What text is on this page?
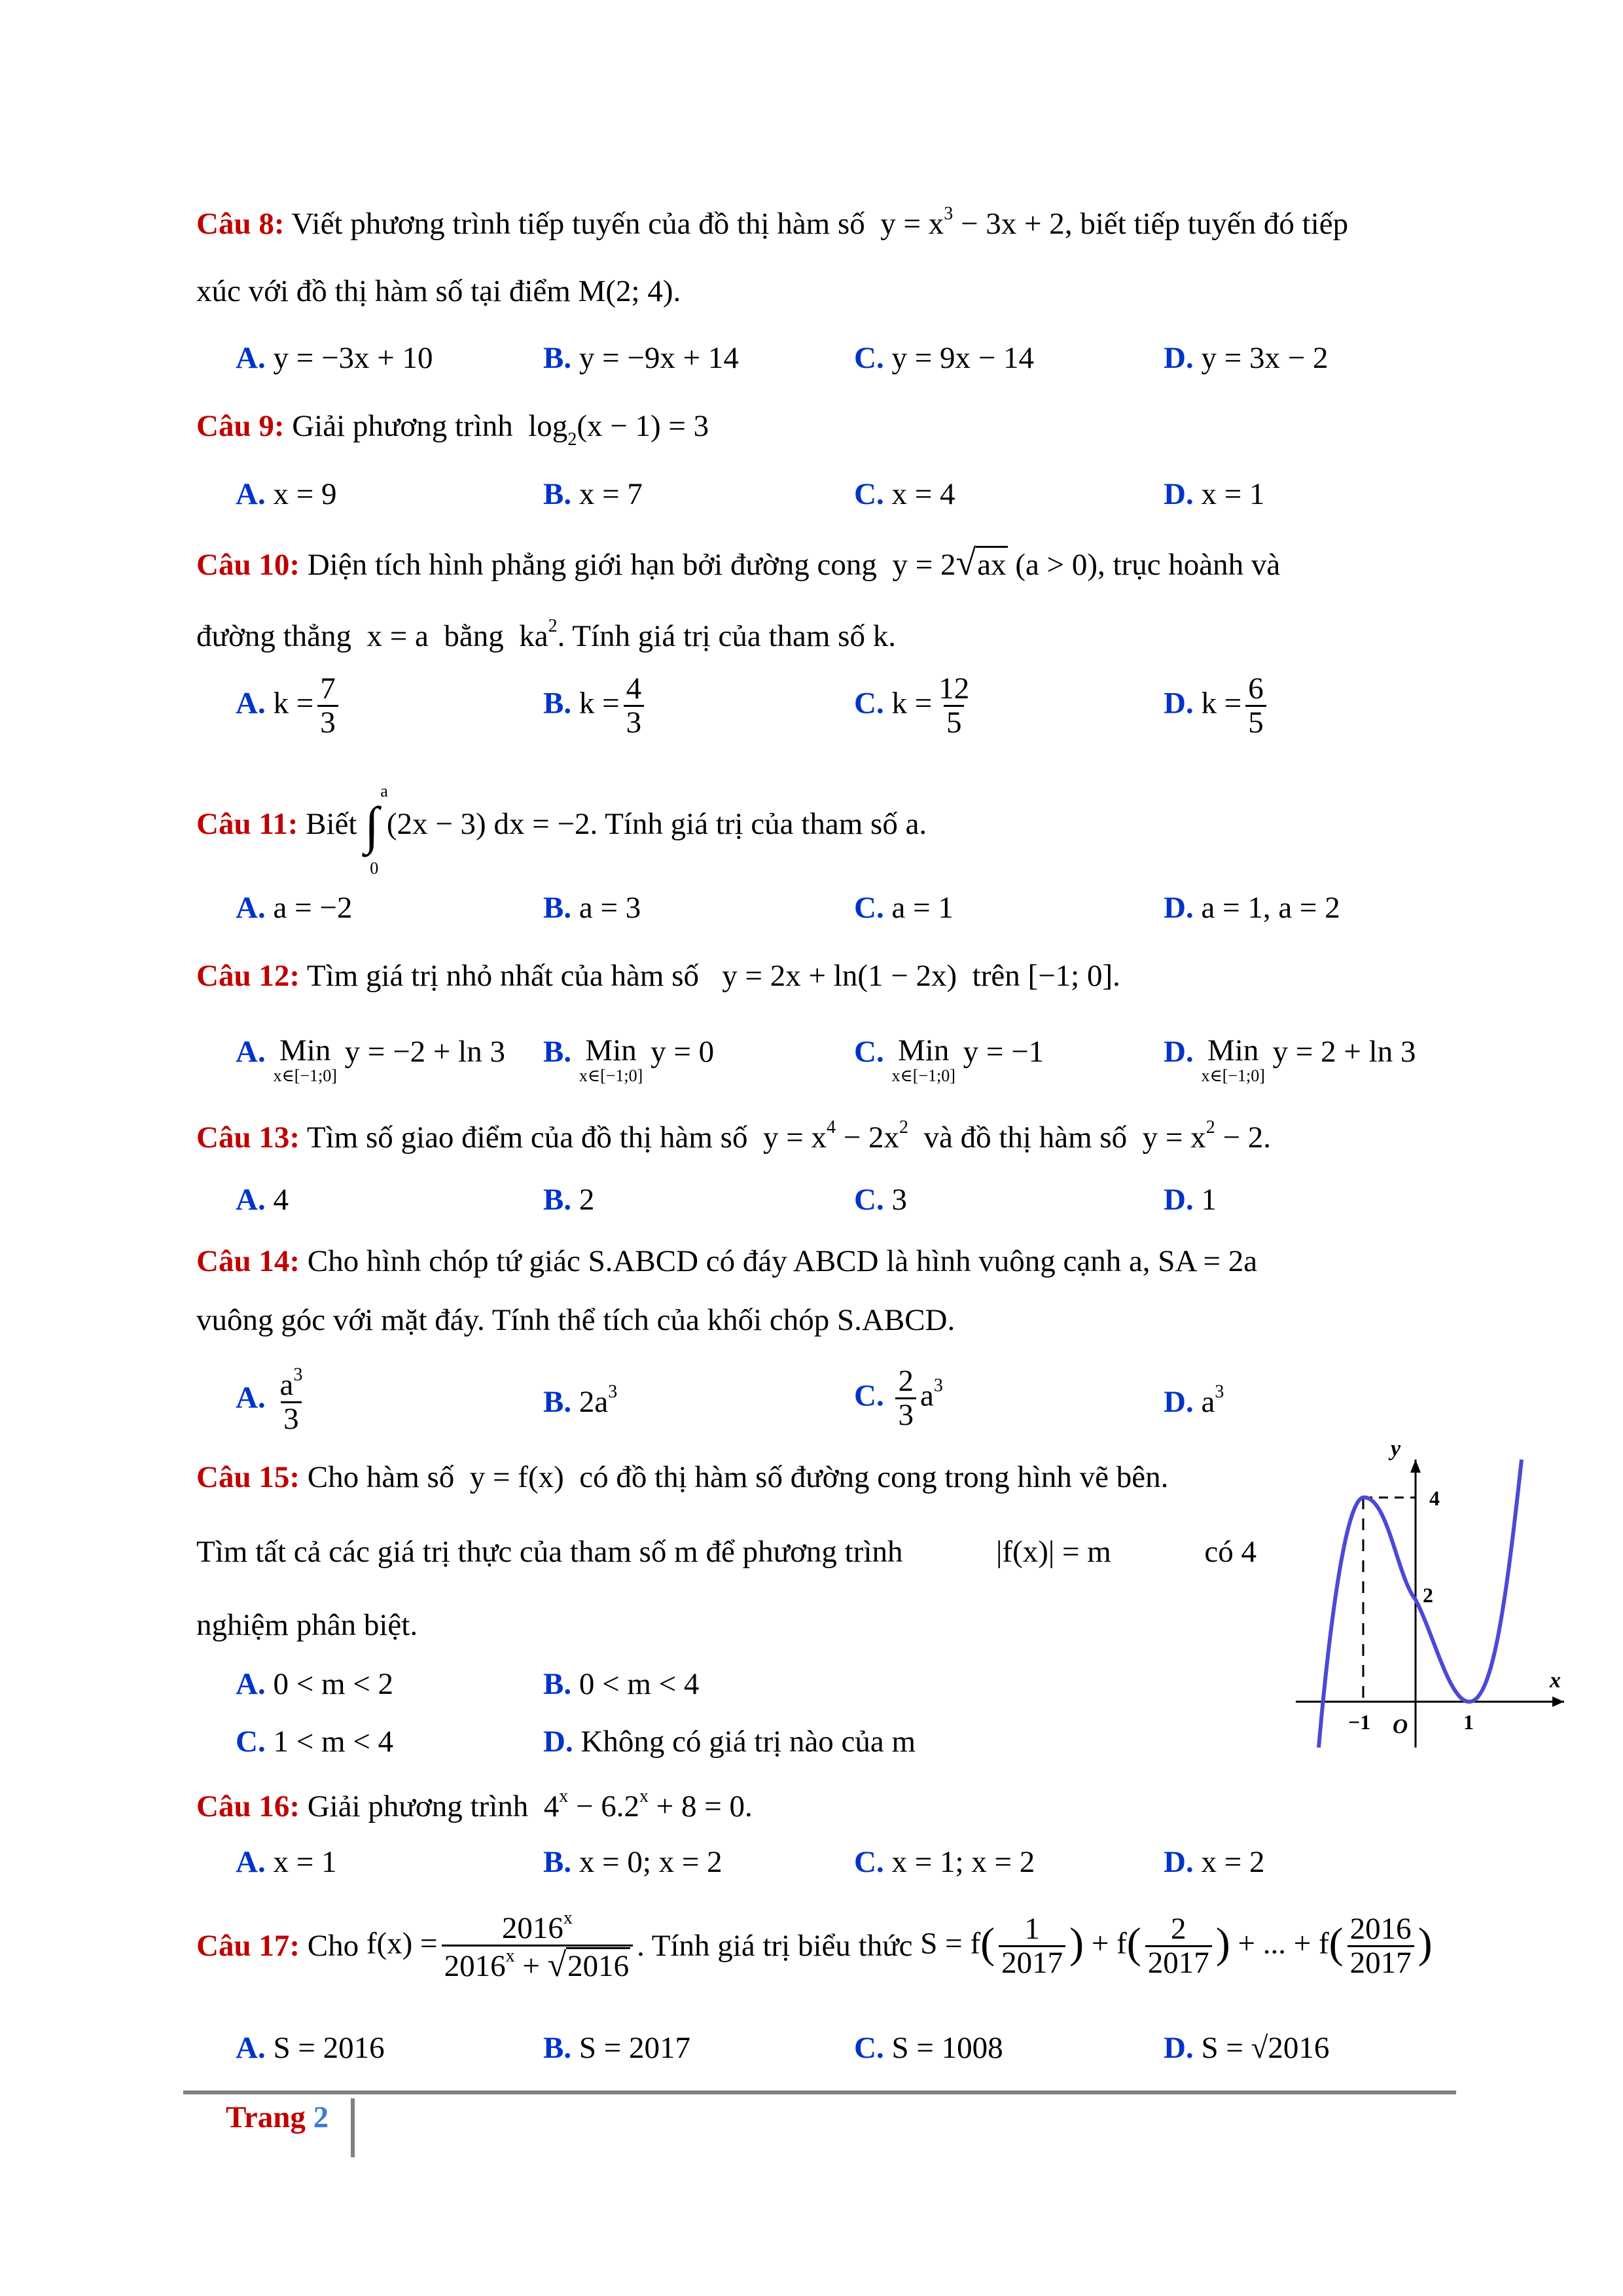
Câu 8: Viết phương trình tiếp tuyến của đồ thị hàm số  $y = x^3 - 3x + 2$, biết tiếp tuyến đó tiếp
xúc với đồ thị hàm số tại điểm M(2; 4).
A. y = −3x + 10	B. y = −9x + 14	C. y = 9x − 14	D. y = 3x − 2
Câu 9: Giải phương trình  $\log_2(x - 1) = 3$
A. x = 9	B. x = 7	C. x = 4	D. x = 1
Câu 10: Diện tích hình phẳng giới hạn bởi đường cong  y = 2√ax (a > 0), trục hoành và
đường thẳng  x = a  bằng  $ka^2$. Tính giá trị của tham số k.
A. $k = \frac{7}{3}$	B. $k = \frac{4}{3}$	C. $k = \frac{12}{5}$	D. $k = \frac{6}{5}$
Câu 11: Biết ∫
a
0
(2x − 3) dx = −2. Tính giá trị của tham số a.
A. a = −2	B. a = 3	C. a = 1	D. a = 1, a = 2
Câu 12: Tìm giá trị nhỏ nhất của hàm số   y = 2x + ln(1 − 2x)  trên [−1; 0].
A. Min
x∈[−1;0]
y = −2 + ln 3 B. Min
x∈[−1;0]
y = 0	C. Min
x∈[−1;0]
y = −1	D. Min
x∈[−1;0]
y = 2 + ln 3
Câu 13: Tìm số giao điểm của đồ thị hàm số  $y = x^4 - 2x^2$ và đồ thị hàm số  $y = x^2 - 2$.
A. 4	B. 2	C. 3	D. 1
Câu 14: Cho hình chóp tứ giác S.ABCD có đáy ABCD là hình vuông cạnh a, SA = 2a
vuông góc với mặt đáy. Tính thể tích của khối chóp S.ABCD.
A. $\frac{a^3}{3}$	B. $2a^3$	C. $\frac{2}{3} a^3$	D. $a^3$
Câu 15: Cho hàm số  y = f(x)  có đồ thị hàm số đường cong trong hình vẽ bên.
Tìm tất cả các giá trị thực của tham số m để phương trình	|f(x)| = m	có 4
nghiệm phân biệt.
A. 0 < m < 2	B. 0 < m < 4
C. 1 < m < 4	D. Không có giá trị nào của m
y
x
4
2
−1 O	1
Câu 16: Giải phương trình  $4^x - 6.2^x + 8 = 0$.
A. x = 1	B. x = 0; x = 2	C. x = 1; x = 2	D. x = 2
Câu 17:
Cho $f(x) = \frac{2016^x}{2016^x + √2016}$ . Tính giá trị biểu thức $S = f( \frac{1}{2017}$ ) + $f( \frac{2}{2017}$ ) + ... + $f( \frac{2016}{2017}$ )
A. S = 2016	B. S = 2017	C. S = 1008	D. S = √2016
Trang 2
